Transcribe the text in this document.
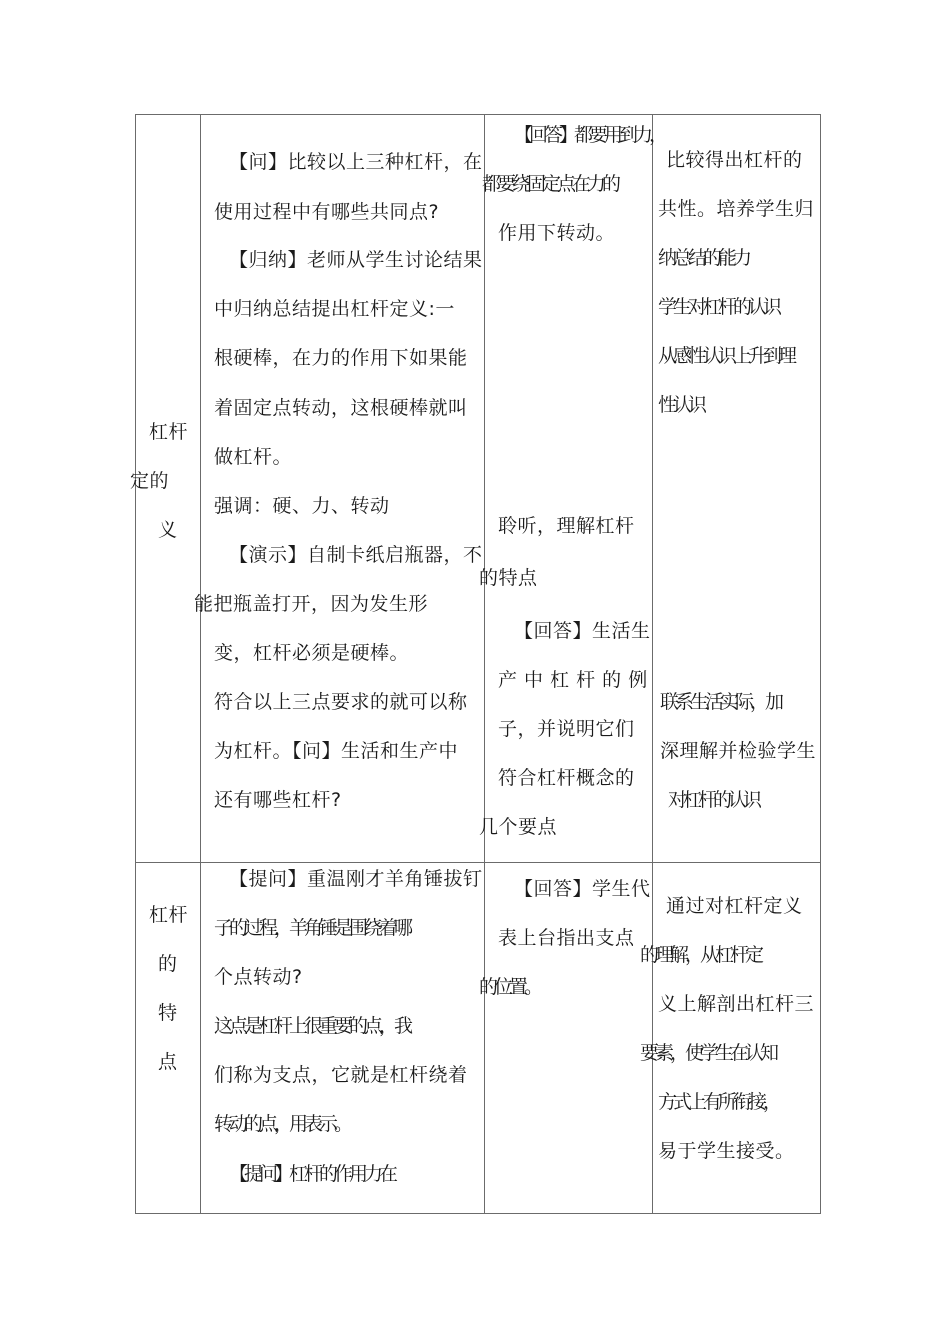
杠杆
定的
义
【问】比较以上三种杠杆，在
使用过程中有哪些共同点?
【归纳】老师从学生讨论结果
中归纳总结提出杠杆定义:一
根硬棒，在力的作用下如果能
着固定点转动，这根硬棒就叫
做杠杆。
强调：硬、力、转动
【演示】自制卡纸启瓶器，不
能把瓶盖打开，因为发生形
变，杠杆必须是硬棒。
符合以上三点要求的就可以称
为杠杆。【问】生活和生产中
还有哪些杠杆?
【回答】都要用到力，
都要绕固定点在力的
作用下转动。
聆听，理解杠杆
的特点
【回答】生活生
产 中 杠 杆 的 例
子，并说明它们
符合杠杆概念的
几个要点
比较得出杠杆的
共性。培养学生归
纳总结的能力
学生对杠杆的认识
从感性认识上升到理
性认识
联系生活实际，加
深理解并检验学生
对杠杆的认识
杠杆
的
特
点
【提问】重温刚才羊角锤拔钉
子的过程，羊角锤是围绕着哪
个点转动?
这点是杠杆上很重要的点，我
们称为支点，它就是杠杆绕着
转动的点，用表示。
【提问】杠杆的作用力在
【回答】学生代
表上台指出支点
的位置。
通过对杠杆定义
的理解，从杠杆定
义上解剖出杠杆三
要素，使学生在认知
方式上有所衔接，
易于学生接受。
